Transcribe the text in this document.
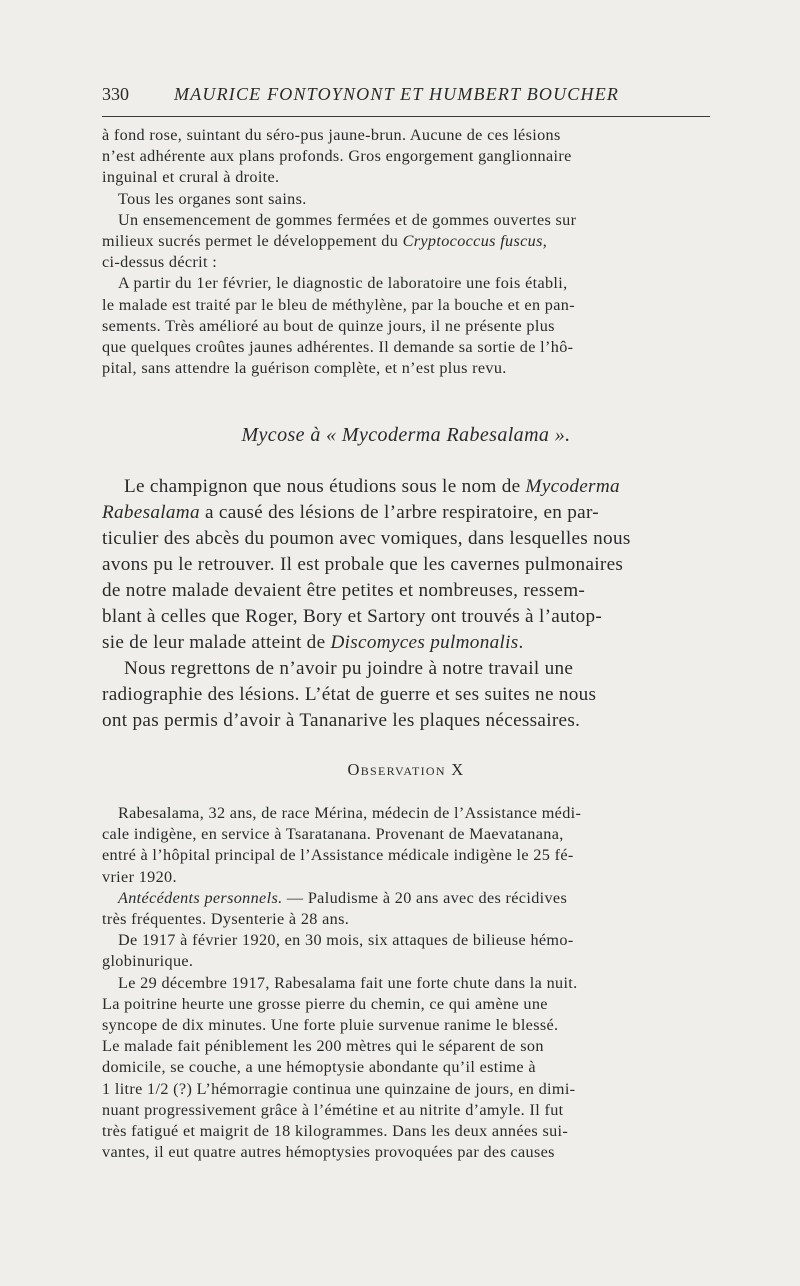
330	MAURICE FONTOYNONT ET HUMBERT BOUCHER

à fond rose, suintant du séro-pus jaune-brun. Aucune de ces lésions
n’est adhérente aux plans profonds. Gros engorgement ganglionnaire
inguinal et crural à droite.

Tous les organes sont sains.

Un ensemencement de gommes fermées et de gommes ouvertes sur
milieux sucrés permet le développement du Cryptococcus fuscus,
ci-dessus décrit :

A partir du 1er février, le diagnostic de laboratoire une fois établi,
le malade est traité par le bleu de méthylène, par la bouche et en pan-
sements. Très amélioré au bout de quinze jours, il ne présente plus
que quelques croûtes jaunes adhérentes. Il demande sa sortie de l’hô-
pital, sans attendre la guérison complète, et n’est plus revu.

Mycose à « Mycoderma Rabesalama ».

Le champignon que nous étudions sous le nom de Mycoderma
Rabesalama a causé des lésions de l’arbre respiratoire, en par-
ticulier des abcès du poumon avec vomiques, dans lesquelles nous
avons pu le retrouver. Il est probale que les cavernes pulmonaires
de notre malade devaient être petites et nombreuses, ressem-
blant à celles que Roger, Bory et Sartory ont trouvés à l’autop-
sie de leur malade atteint de Discomyces pulmonalis.

Nous regrettons de n’avoir pu joindre à notre travail une
radiographie des lésions. L’état de guerre et ses suites ne nous
ont pas permis d’avoir à Tananarive les plaques nécessaires.

Observation X

Rabesalama, 32 ans, de race Mérina, médecin de l’Assistance médi-
cale indigène, en service à Tsaratanana. Provenant de Maevatanana,
entré à l’hôpital principal de l’Assistance médicale indigène le 25 fé-
vrier 1920.

Antécédents personnels. — Paludisme à 20 ans avec des récidives
très fréquentes. Dysenterie à 28 ans.

De 1917 à février 1920, en 30 mois, six attaques de bilieuse hémo-
globinurique.

Le 29 décembre 1917, Rabesalama fait une forte chute dans la nuit.
La poitrine heurte une grosse pierre du chemin, ce qui amène une
syncope de dix minutes. Une forte pluie survenue ranime le blessé.
Le malade fait péniblement les 200 mètres qui le séparent de son
domicile, se couche, a une hémoptysie abondante qu’il estime à
1 litre 1/2 (?) L’hémorragie continua une quinzaine de jours, en dimi-
nuant progressivement grâce à l’émétine et au nitrite d’amyle. Il fut
très fatigué et maigrit de 18 kilogrammes. Dans les deux années sui-
vantes, il eut quatre autres hémoptysies provoquées par des causes
